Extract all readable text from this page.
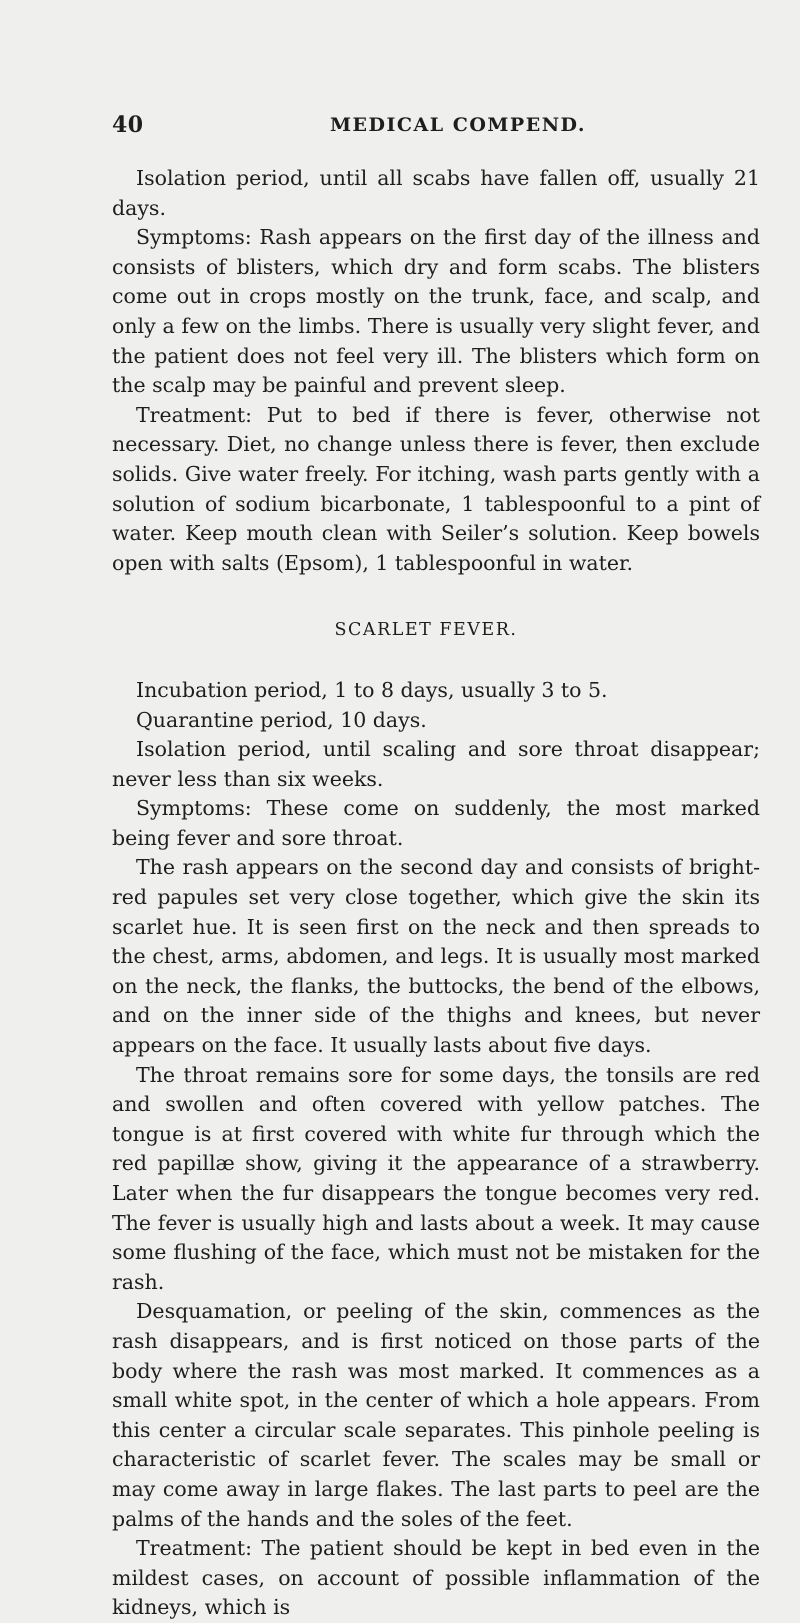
40	MEDICAL COMPEND.

Isolation period, until all scabs have fallen off, usually 21 days.

Symptoms: Rash appears on the first day of the illness and consists of blisters, which dry and form scabs. The blisters come out in crops mostly on the trunk, face, and scalp, and only a few on the limbs. There is usually very slight fever, and the patient does not feel very ill. The blisters which form on the scalp may be painful and prevent sleep.

Treatment: Put to bed if there is fever, otherwise not necessary. Diet, no change unless there is fever, then exclude solids. Give water freely. For itching, wash parts gently with a solution of sodium bicarbonate, 1 tablespoonful to a pint of water. Keep mouth clean with Seiler’s solution. Keep bowels open with salts (Epsom), 1 tablespoonful in water.

SCARLET FEVER.

Incubation period, 1 to 8 days, usually 3 to 5.

Quarantine period, 10 days.

Isolation period, until scaling and sore throat disappear; never less than six weeks.

Symptoms: These come on suddenly, the most marked being fever and sore throat.

The rash appears on the second day and consists of bright-red papules set very close together, which give the skin its scarlet hue. It is seen first on the neck and then spreads to the chest, arms, abdomen, and legs. It is usually most marked on the neck, the flanks, the buttocks, the bend of the elbows, and on the inner side of the thighs and knees, but never appears on the face. It usually lasts about five days.

The throat remains sore for some days, the tonsils are red and swollen and often covered with yellow patches. The tongue is at first covered with white fur through which the red papillæ show, giving it the appearance of a strawberry. Later when the fur disappears the tongue becomes very red. The fever is usually high and lasts about a week. It may cause some flushing of the face, which must not be mistaken for the rash.

Desquamation, or peeling of the skin, commences as the rash disappears, and is first noticed on those parts of the body where the rash was most marked. It commences as a small white spot, in the center of which a hole appears. From this center a circular scale separates. This pinhole peeling is characteristic of scarlet fever. The scales may be small or may come away in large flakes. The last parts to peel are the palms of the hands and the soles of the feet.

Treatment: The patient should be kept in bed even in the mildest cases, on account of possible inflammation of the kidneys, which is
